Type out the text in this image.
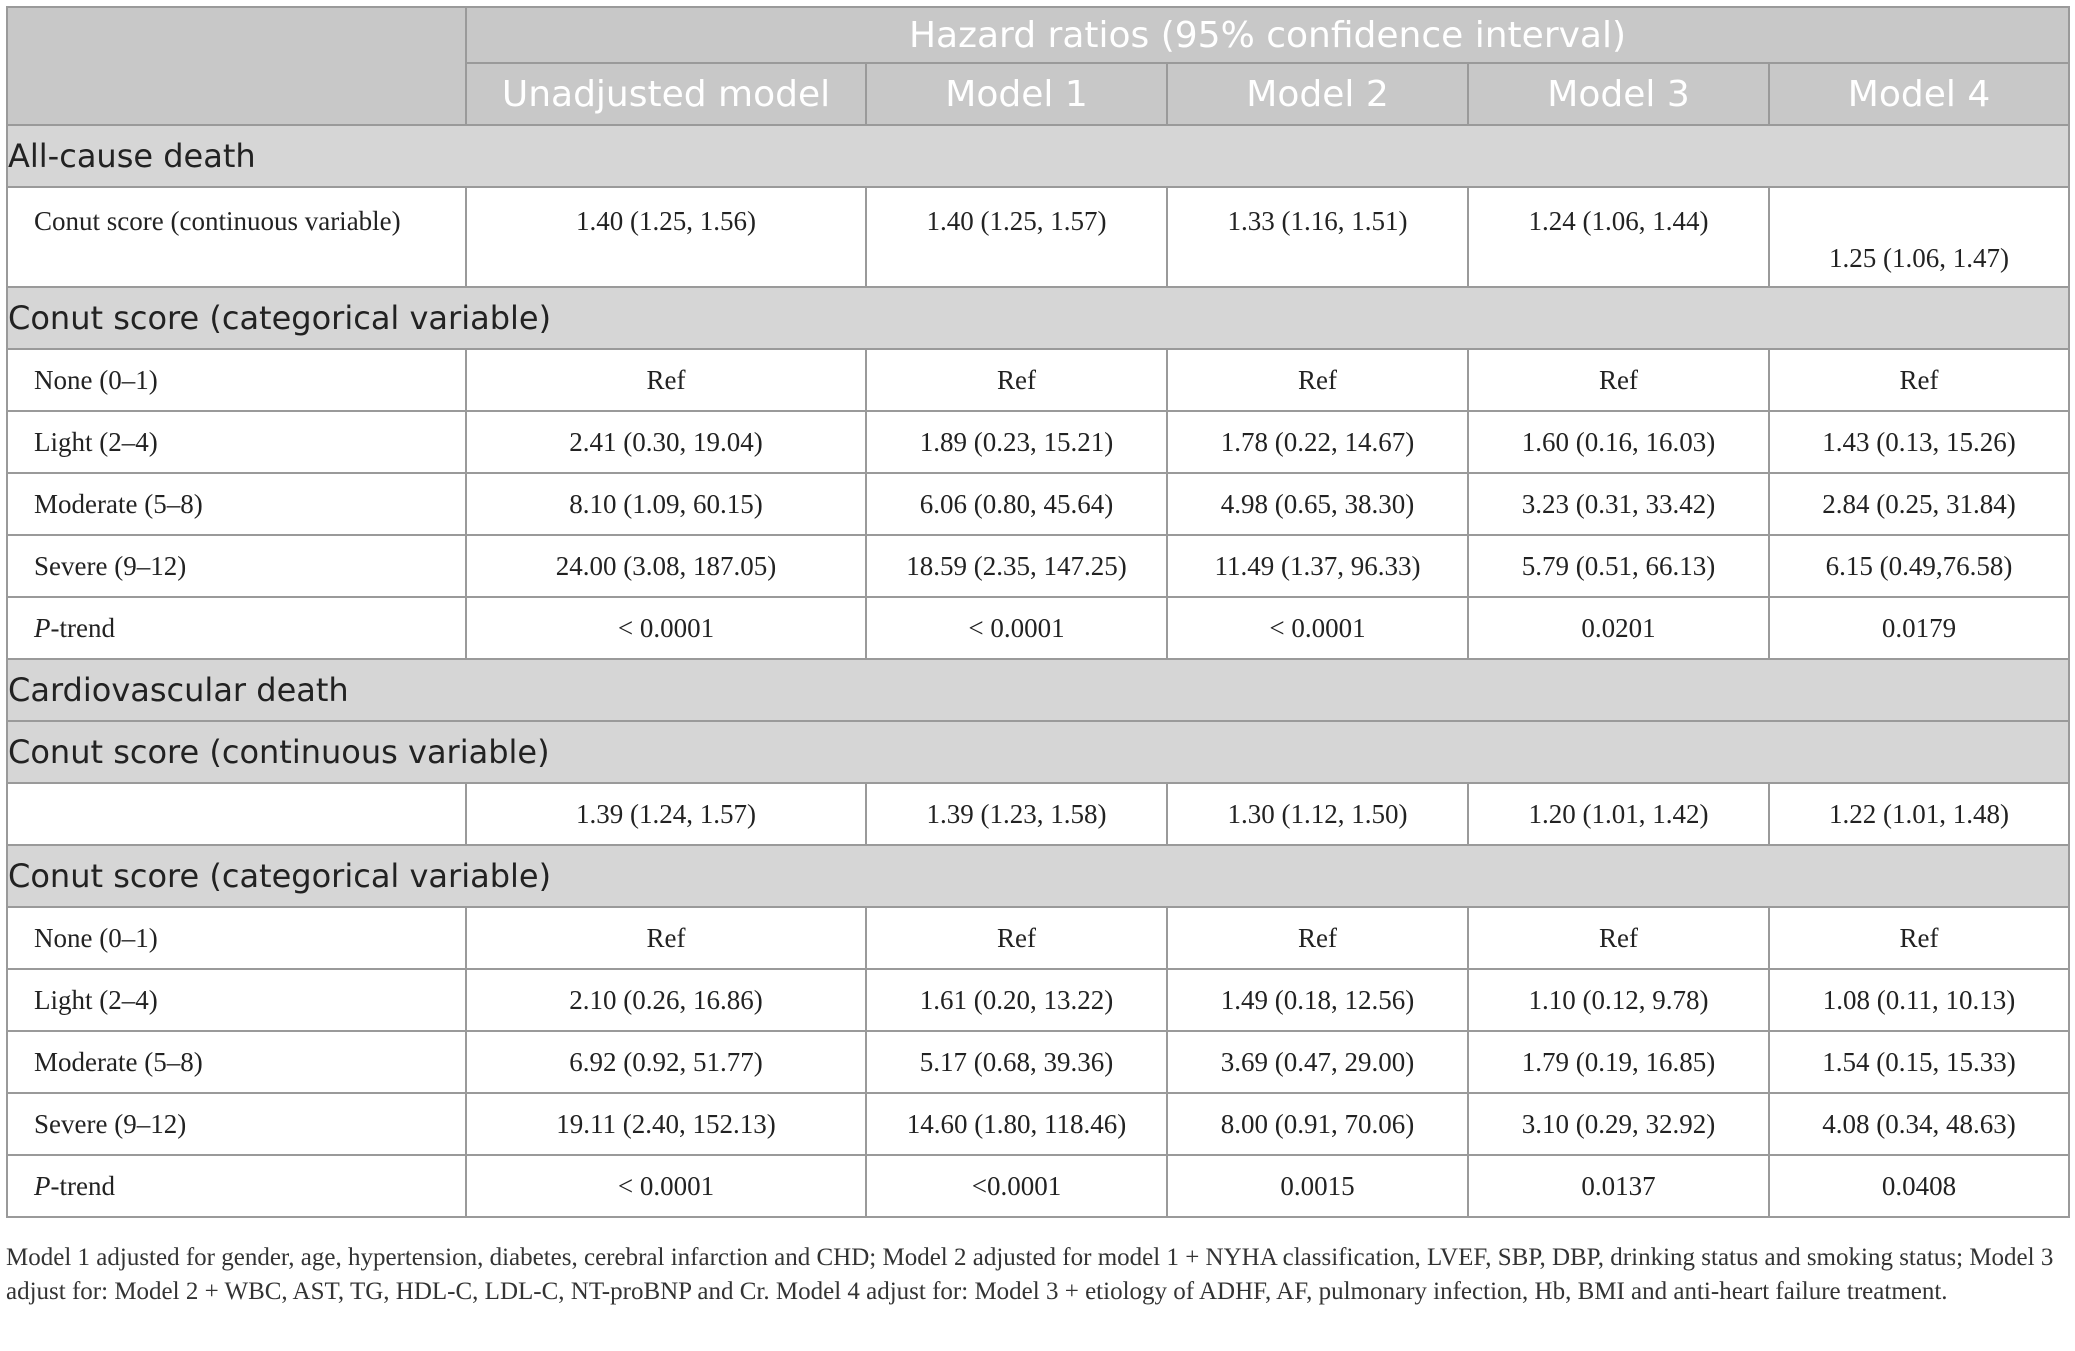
	Hazard ratios (95% confidence interval)				
	Unadjusted model	Model 1	Model 2	Model 3	Model 4
All-cause death					
Conut score (continuous variable)	1.40 (1.25, 1.56)	1.40 (1.25, 1.57)	1.33 (1.16, 1.51)	1.24 (1.06, 1.44)	1.25 (1.06, 1.47)
Conut score (categorical variable)					
None (0–1)	Ref	Ref	Ref	Ref	Ref
Light (2–4)	2.41 (0.30, 19.04)	1.89 (0.23, 15.21)	1.78 (0.22, 14.67)	1.60 (0.16, 16.03)	1.43 (0.13, 15.26)
Moderate (5–8)	8.10 (1.09, 60.15)	6.06 (0.80, 45.64)	4.98 (0.65, 38.30)	3.23 (0.31, 33.42)	2.84 (0.25, 31.84)
Severe (9–12)	24.00 (3.08, 187.05)	18.59 (2.35, 147.25)	11.49 (1.37, 96.33)	5.79 (0.51, 66.13)	6.15 (0.49,76.58)
P-trend	< 0.0001	< 0.0001	< 0.0001	0.0201	0.0179
Cardiovascular death					
Conut score (continuous variable)					
	1.39 (1.24, 1.57)	1.39 (1.23, 1.58)	1.30 (1.12, 1.50)	1.20 (1.01, 1.42)	1.22 (1.01, 1.48)
Conut score (categorical variable)					
None (0–1)	Ref	Ref	Ref	Ref	Ref
Light (2–4)	2.10 (0.26, 16.86)	1.61 (0.20, 13.22)	1.49 (0.18, 12.56)	1.10 (0.12, 9.78)	1.08 (0.11, 10.13)
Moderate (5–8)	6.92 (0.92, 51.77)	5.17 (0.68, 39.36)	3.69 (0.47, 29.00)	1.79 (0.19, 16.85)	1.54 (0.15, 15.33)
Severe (9–12)	19.11 (2.40, 152.13)	14.60 (1.80, 118.46)	8.00 (0.91, 70.06)	3.10 (0.29, 32.92)	4.08 (0.34, 48.63)
P-trend	< 0.0001	<0.0001	0.0015	0.0137	0.0408
Model 1 adjusted for gender, age, hypertension, diabetes, cerebral infarction and CHD; Model 2 adjusted for model 1 + NYHA classification, LVEF, SBP, DBP, drinking status and smoking status; Model 3 adjust for: Model 2 + WBC, AST, TG, HDL-C, LDL-C, NT-proBNP and Cr. Model 4 adjust for: Model 3 + etiology of ADHF, AF, pulmonary infection, Hb, BMI and anti-heart failure treatment.
